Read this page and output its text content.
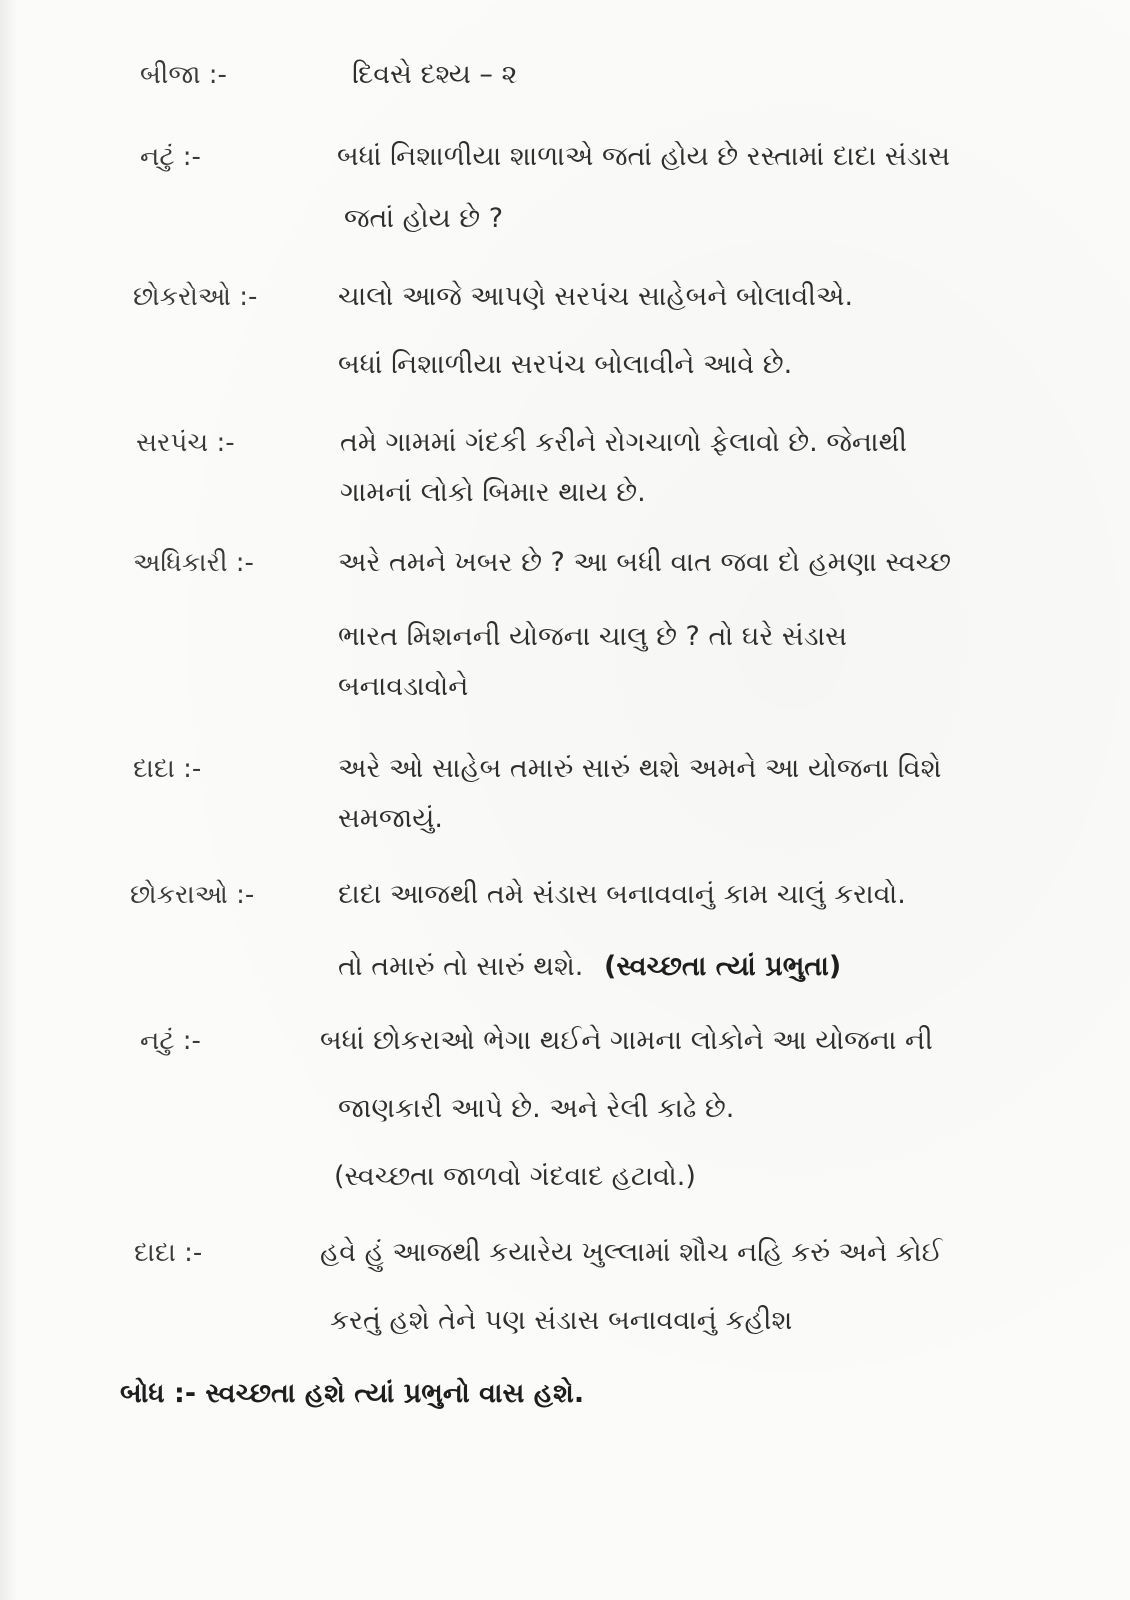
બીજા :-	દિવસે દશ્ય – ૨
નટું :-	બધાં નિશાળીયા શાળાએ જતાં હોય છે રસ્તામાં દાદા સંડાસ
જતાં હોય છે ?
છોકરોઓ :-	ચાલો આજે આપણે સરપંચ સાહેબને બોલાવીએ.
બધાં નિશાળીયા સરપંચ બોલાવીને આવે છે.
સરપંચ :-	તમે ગામમાં ગંદકી કરીને રોગચાળો ફેલાવો છે. જેનાથી
ગામનાં લોકો બિમાર થાય છે.
અધિકારી :-	અરે તમને ખબર છે ? આ બધી વાત જવા દો હમણા સ્વચ્છ
ભારત મિશનની યોજના ચાલુ છે ? તો ઘરે સંડાસ
બનાવડાવોને
દાદા :-	અરે ઓ સાહેબ તમારું સારું થશે અમને આ યોજના વિશે
સમજાયું.
છોકરાઓ :-	દાદા આજથી તમે સંડાસ બનાવવાનું કામ ચાલું કરાવો.
તો તમારું તો સારું થશે. (સ્વચ્છતા ત્યાં પ્રભુતા)
નટું :-	બધાં છોકરાઓ ભેગા થઈને ગામના લોકોને આ યોજના ની
જાણકારી આપે છે. અને રેલી કાઢે છે.
(સ્વચ્છતા જાળવો ગંદવાદ હટાવો.)
દાદા :-	હવે હું આજથી કયારેય ખુલ્લામાં શૌચ નહિ કરું અને કોઈ
કરતું હશે તેને પણ સંડાસ બનાવવાનું કહીશ
બોધ :- સ્વચ્છતા હશે ત્યાં પ્રભુનો વાસ હશે.
